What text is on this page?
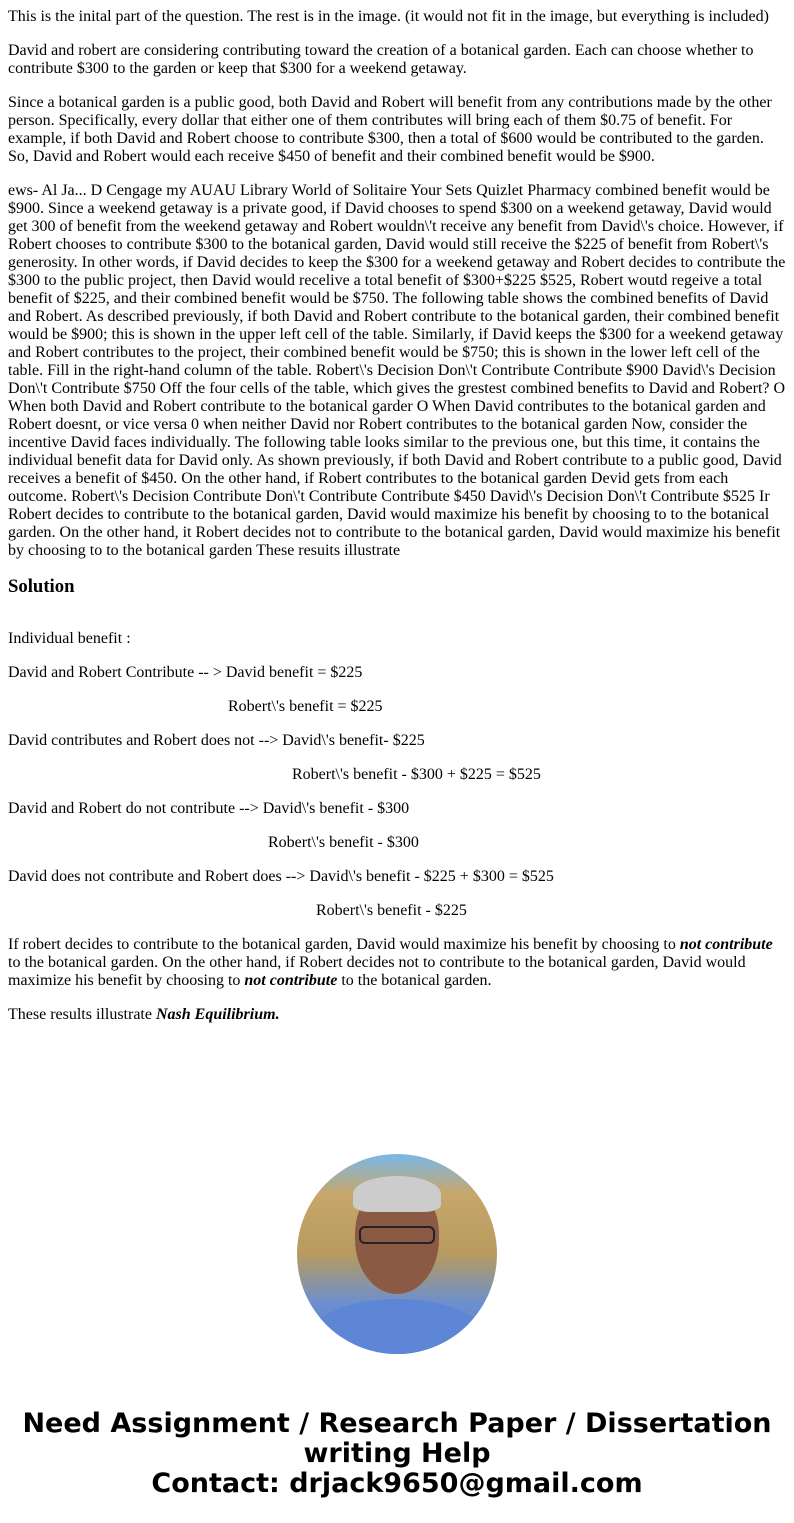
This is the inital part of the question. The rest is in the image. (it would not fit in the image, but everything is included)

David and robert are considering contributing toward the creation of a botanical garden. Each can choose whether to contribute $300 to the garden or keep that $300 for a weekend getaway.

Since a botanical garden is a public good, both David and Robert will benefit from any contributions made by the other person. Specifically, every dollar that either one of them contributes will bring each of them $0.75 of benefit. For example, if both David and Robert choose to contribute $300, then a total of $600 would be contributed to the garden. So, David and Robert would each receive $450 of benefit and their combined benefit would be $900.

ews- Al Ja... D Cengage my AUAU Library World of Solitaire Your Sets Quizlet Pharmacy combined benefit would be $900. Since a weekend getaway is a private good, if David chooses to spend $300 on a weekend getaway, David would get 300 of benefit from the weekend getaway and Robert wouldn\'t receive any benefit from David\'s choice. However, if Robert chooses to contribute $300 to the botanical garden, David would still receive the $225 of benefit from Robert\'s generosity. In other words, if David decides to keep the $300 for a weekend getaway and Robert decides to contribute the $300 to the public project, then David would recelive a total benefit of $300+$225 $525, Robert woutd regeive a total benefit of $225, and their combined benefit would be $750. The following table shows the combined benefits of David and Robert. As described previously, if both David and Robert contribute to the botanical garden, their combined benefit would be $900; this is shown in the upper left cell of the table. Similarly, if David keeps the $300 for a weekend getaway and Robert contributes to the project, their combined benefit would be $750; this is shown in the lower left cell of the table. Fill in the right-hand column of the table. Robert\'s Decision Don\'t Contribute Contribute $900 David\'s Decision Don\'t Contribute $750 Off the four cells of the table, which gives the grestest combined benefits to David and Robert? O When both David and Robert contribute to the botanical garder O When David contributes to the botanical garden and Robert doesnt, or vice versa 0 when neither David nor Robert contributes to the botanical garden Now, consider the incentive David faces individually. The following table looks similar to the previous one, but this time, it contains the individual benefit data for David only. As shown previously, if both David and Robert contribute to a public good, David receives a benefit of $450. On the other hand, if Robert contributes to the botanical garden Devid gets from each outcome. Robert\'s Decision Contribute Don\'t Contribute Contribute $450 David\'s Decision Don\'t Contribute $525 Ir Robert decides to contribute to the botanical garden, David would maximize his benefit by choosing to to the botanical garden. On the other hand, it Robert decides not to contribute to the botanical garden, David would maximize his benefit by choosing to to the botanical garden These resuits illustrate

Solution

Individual benefit :

David and Robert Contribute -- > David benefit = $225

Robert\'s benefit = $225

David contributes and Robert does not --> David\'s benefit- $225

Robert\'s benefit - $300 + $225 = $525

David and Robert do not contribute --> David\'s benefit - $300

Robert\'s benefit - $300

David does not contribute and Robert does --> David\'s benefit - $225 + $300 = $525

Robert\'s benefit - $225

If robert decides to contribute to the botanical garden, David would maximize his benefit by choosing to not contribute to the botanical garden. On the other hand, if Robert decides not to contribute to the botanical garden, David would maximize his benefit by choosing to not contribute to the botanical garden.

These results illustrate Nash Equilibrium.

Need Assignment / Research Paper / Dissertation writing Help
Contact: drjack9650@gmail.com
